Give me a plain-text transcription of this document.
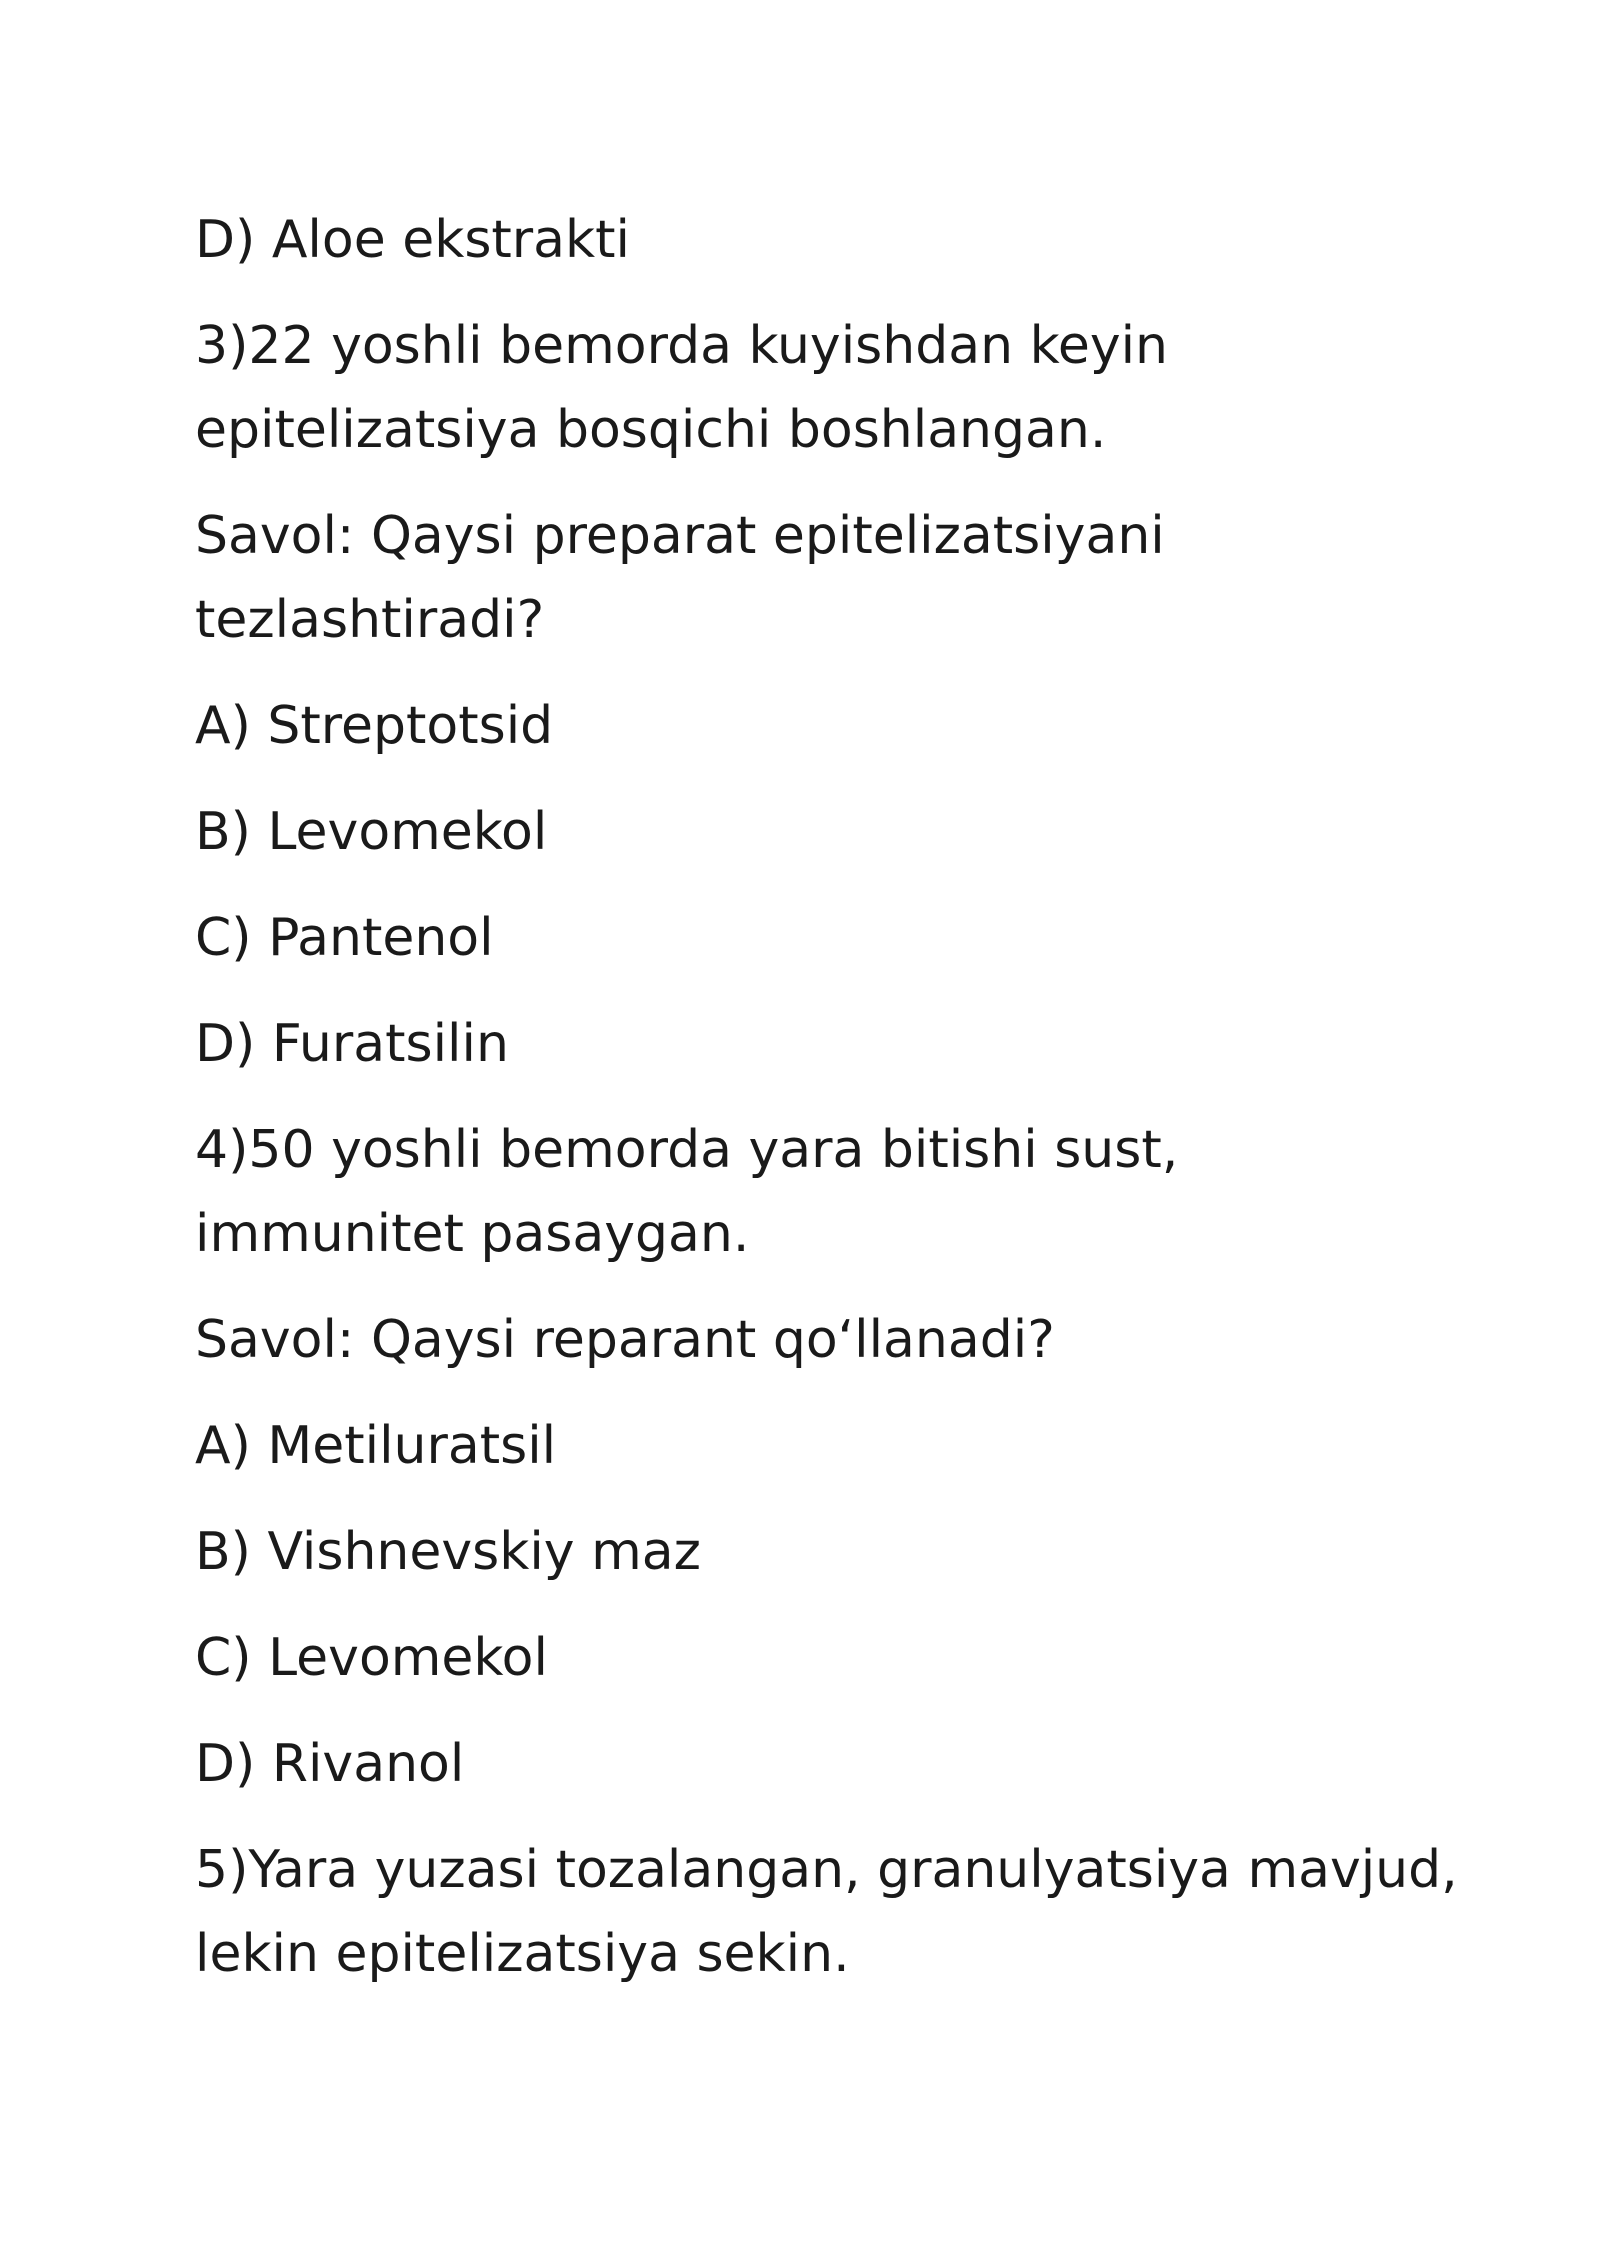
D) Aloe ekstrakti

3)22 yoshli bemorda kuyishdan keyin

epitelizatsiya bosqichi boshlangan.

Savol: Qaysi preparat epitelizatsiyani

tezlashtiradi?

A) Streptotsid

B) Levomekol

C) Pantenol

D) Furatsilin

4)50 yoshli bemorda yara bitishi sust,

immunitet pasaygan.

Savol: Qaysi reparant qo‘llanadi?

A) Metiluratsil

B) Vishnevskiy maz

C) Levomekol

D) Rivanol

5)Yara yuzasi tozalangan, granulyatsiya mavjud,

lekin epitelizatsiya sekin.
